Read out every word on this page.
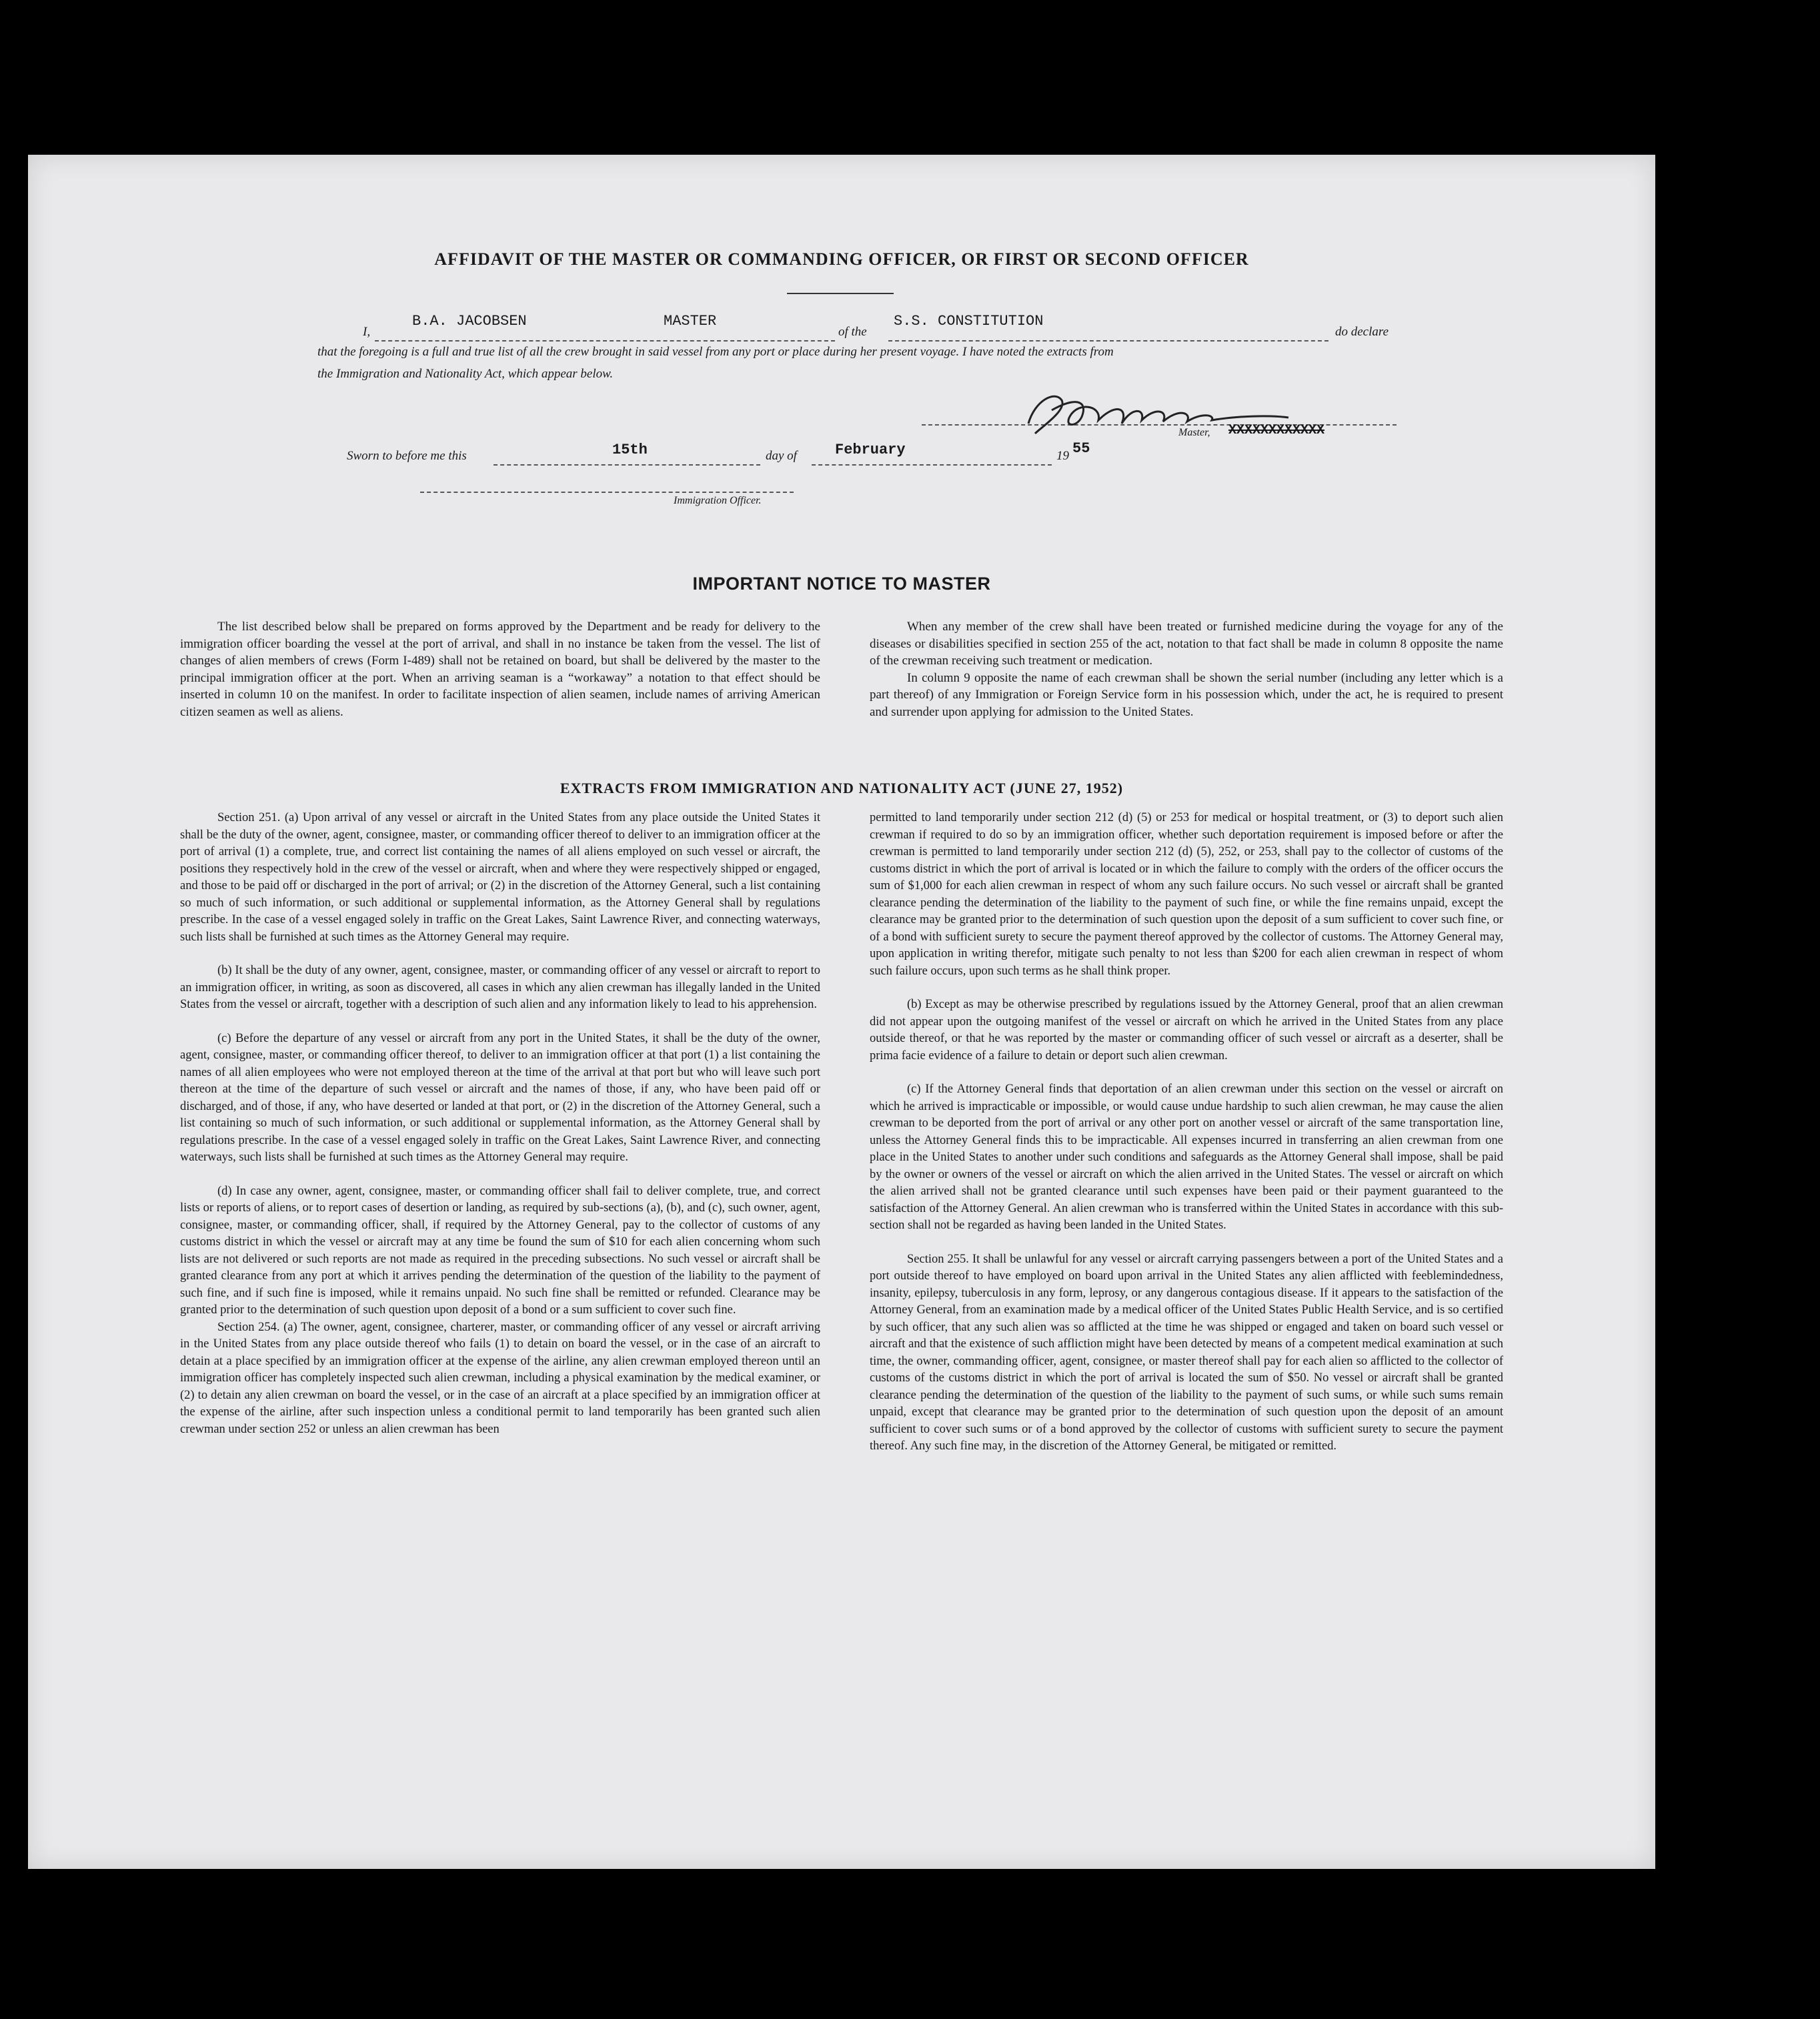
AFFIDAVIT OF THE MASTER OR COMMANDING OFFICER, OR FIRST OR SECOND OFFICER
I,
B.A. JACOBSEN	MASTER
of the
S.S. CONSTITUTION
do declare
that the foregoing is a full and true list of all the crew brought in said vessel from any port or place during her present voyage. I have noted the extracts from
the Immigration and Nationality Act, which appear below.
Master, XXXXXXXXXXXX
Sworn to before me this	15th	day of	February	19 55
Immigration Officer.
IMPORTANT NOTICE TO MASTER

The list described below shall be prepared on forms approved by the Department and be ready for delivery to the immigration officer boarding the vessel at the port of arrival, and shall in no instance be taken from the vessel. The list of changes of alien members of crews (Form I-489) shall not be retained on board, but shall be delivered by the master to the principal immigration officer at the port. When an arriving seaman is a “workaway” a notation to that effect should be inserted in column 10 on the manifest. In order to facilitate inspection of alien seamen, include names of arriving American citizen seamen as well as aliens.

When any member of the crew shall have been treated or furnished medicine during the voyage for any of the diseases or disabilities specified in section 255 of the act, notation to that fact shall be made in column 8 opposite the name of the crewman receiving such treatment or medication.

In column 9 opposite the name of each crewman shall be shown the serial number (including any letter which is a part thereof) of any Immigration or Foreign Service form in his possession which, under the act, he is required to present and surrender upon applying for admission to the United States.

EXTRACTS FROM IMMIGRATION AND NATIONALITY ACT (JUNE 27, 1952)

Section 251. (a) Upon arrival of any vessel or aircraft in the United States from any place outside the United States it shall be the duty of the owner, agent, consignee, master, or commanding officer thereof to deliver to an immigration officer at the port of arrival (1) a complete, true, and correct list containing the names of all aliens employed on such vessel or aircraft, the positions they respectively hold in the crew of the vessel or aircraft, when and where they were respectively shipped or engaged, and those to be paid off or discharged in the port of arrival; or (2) in the discretion of the Attorney General, such a list containing so much of such information, or such additional or supplemental information, as the Attorney General shall by regulations prescribe. In the case of a vessel engaged solely in traffic on the Great Lakes, Saint Lawrence River, and connecting waterways, such lists shall be furnished at such times as the Attorney General may require.

(b) It shall be the duty of any owner, agent, consignee, master, or commanding officer of any vessel or aircraft to report to an immigration officer, in writing, as soon as discovered, all cases in which any alien crewman has illegally landed in the United States from the vessel or aircraft, together with a description of such alien and any information likely to lead to his apprehension.

(c) Before the departure of any vessel or aircraft from any port in the United States, it shall be the duty of the owner, agent, consignee, master, or commanding officer thereof, to deliver to an immigration officer at that port (1) a list containing the names of all alien employees who were not employed thereon at the time of the arrival at that port but who will leave such port thereon at the time of the departure of such vessel or aircraft and the names of those, if any, who have been paid off or discharged, and of those, if any, who have deserted or landed at that port, or (2) in the discretion of the Attorney General, such a list containing so much of such information, or such additional or supplemental information, as the Attorney General shall by regulations prescribe. In the case of a vessel engaged solely in traffic on the Great Lakes, Saint Lawrence River, and connecting waterways, such lists shall be furnished at such times as the Attorney General may require.

(d) In case any owner, agent, consignee, master, or commanding officer shall fail to deliver complete, true, and correct lists or reports of aliens, or to report cases of desertion or landing, as required by sub-sections (a), (b), and (c), such owner, agent, consignee, master, or commanding officer, shall, if required by the Attorney General, pay to the collector of customs of any customs district in which the vessel or aircraft may at any time be found the sum of $10 for each alien concerning whom such lists are not delivered or such reports are not made as required in the preceding subsections. No such vessel or aircraft shall be granted clearance from any port at which it arrives pending the determination of the question of the liability to the payment of such fine, and if such fine is imposed, while it remains unpaid. No such fine shall be remitted or refunded. Clearance may be granted prior to the determination of such question upon deposit of a bond or a sum sufficient to cover such fine.

Section 254. (a) The owner, agent, consignee, charterer, master, or commanding officer of any vessel or aircraft arriving in the United States from any place outside thereof who fails (1) to detain on board the vessel, or in the case of an aircraft to detain at a place specified by an immigration officer at the expense of the airline, any alien crewman employed thereon until an immigration officer has completely inspected such alien crewman, including a physical examination by the medical examiner, or (2) to detain any alien crewman on board the vessel, or in the case of an aircraft at a place specified by an immigration officer at the expense of the airline, after such inspection unless a conditional permit to land temporarily has been granted such alien crewman under section 252 or unless an alien crewman has been

permitted to land temporarily under section 212 (d) (5) or 253 for medical or hospital treatment, or (3) to deport such alien crewman if required to do so by an immigration officer, whether such deportation requirement is imposed before or after the crewman is permitted to land temporarily under section 212 (d) (5), 252, or 253, shall pay to the collector of customs of the customs district in which the port of arrival is located or in which the failure to comply with the orders of the officer occurs the sum of $1,000 for each alien crewman in respect of whom any such failure occurs. No such vessel or aircraft shall be granted clearance pending the determination of the liability to the payment of such fine, or while the fine remains unpaid, except the clearance may be granted prior to the determination of such question upon the deposit of a sum sufficient to cover such fine, or of a bond with sufficient surety to secure the payment thereof approved by the collector of customs. The Attorney General may, upon application in writing therefor, mitigate such penalty to not less than $200 for each alien crewman in respect of whom such failure occurs, upon such terms as he shall think proper.

(b) Except as may be otherwise prescribed by regulations issued by the Attorney General, proof that an alien crewman did not appear upon the outgoing manifest of the vessel or aircraft on which he arrived in the United States from any place outside thereof, or that he was reported by the master or commanding officer of such vessel or aircraft as a deserter, shall be prima facie evidence of a failure to detain or deport such alien crewman.

(c) If the Attorney General finds that deportation of an alien crewman under this section on the vessel or aircraft on which he arrived is impracticable or impossible, or would cause undue hardship to such alien crewman, he may cause the alien crewman to be deported from the port of arrival or any other port on another vessel or aircraft of the same transportation line, unless the Attorney General finds this to be impracticable. All expenses incurred in transferring an alien crewman from one place in the United States to another under such conditions and safeguards as the Attorney General shall impose, shall be paid by the owner or owners of the vessel or aircraft on which the alien arrived in the United States. The vessel or aircraft on which the alien arrived shall not be granted clearance until such expenses have been paid or their payment guaranteed to the satisfaction of the Attorney General. An alien crewman who is transferred within the United States in accordance with this sub-section shall not be regarded as having been landed in the United States.

Section 255. It shall be unlawful for any vessel or aircraft carrying passengers between a port of the United States and a port outside thereof to have employed on board upon arrival in the United States any alien afflicted with feeblemindedness, insanity, epilepsy, tuberculosis in any form, leprosy, or any dangerous contagious disease. If it appears to the satisfaction of the Attorney General, from an examination made by a medical officer of the United States Public Health Service, and is so certified by such officer, that any such alien was so afflicted at the time he was shipped or engaged and taken on board such vessel or aircraft and that the existence of such affliction might have been detected by means of a competent medical examination at such time, the owner, commanding officer, agent, consignee, or master thereof shall pay for each alien so afflicted to the collector of customs of the customs district in which the port of arrival is located the sum of $50. No vessel or aircraft shall be granted clearance pending the determination of the question of the liability to the payment of such sums, or while such sums remain unpaid, except that clearance may be granted prior to the determination of such question upon the deposit of an amount sufficient to cover such sums or of a bond approved by the collector of customs with sufficient surety to secure the payment thereof. Any such fine may, in the discretion of the Attorney General, be mitigated or remitted.
